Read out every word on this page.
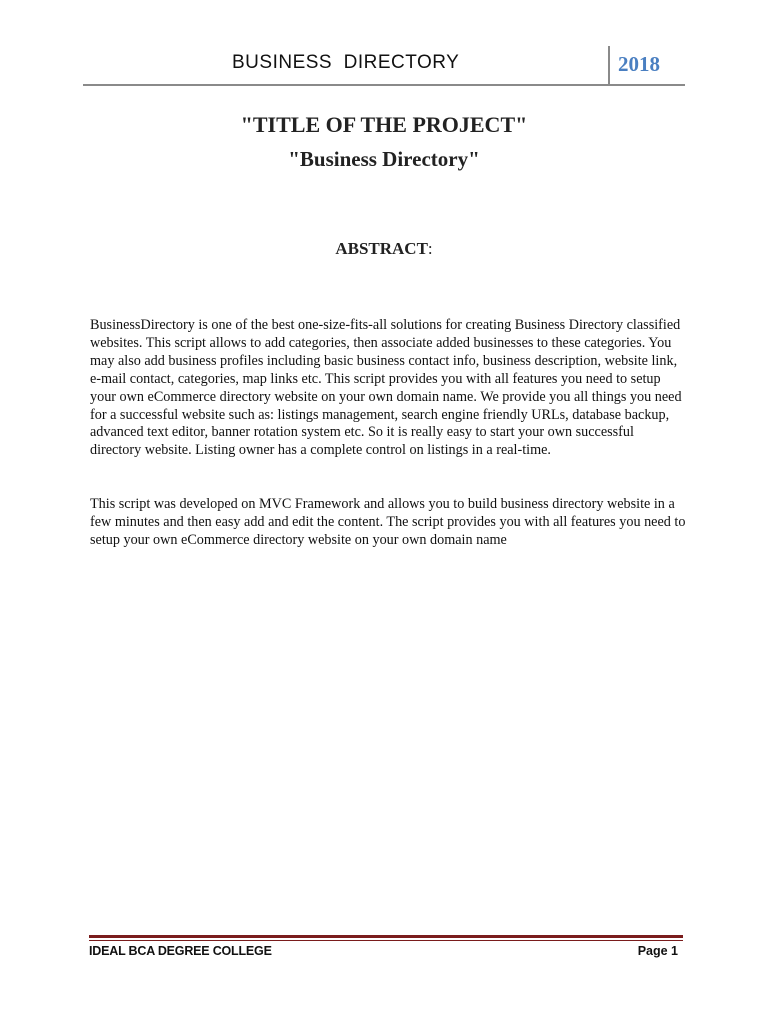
BUSINESS  DIRECTORY	2018
"TITLE OF THE PROJECT"
"Business Directory"
ABSTRACT:

BusinessDirectory is one of the best one-size-fits-all solutions for creating Business Directory classified websites. This script allows to add categories, then associate added businesses to these categories. You may also add business profiles including basic business contact info, business description, website link, e-mail contact, categories, map links etc. This script provides you with all features you need to setup your own eCommerce directory website on your own domain name. We provide you all things you need for a successful website such as: listings management, search engine friendly URLs, database backup, advanced text editor, banner rotation system etc. So it is really easy to start your own successful directory website. Listing owner has a complete control on listings in a real-time.

This script was developed on MVC Framework and allows you to build business directory website in a few minutes and then easy add and edit the content. The script provides you with all features you need to setup your own eCommerce directory website on your own domain name

IDEAL BCA DEGREE COLLEGE	Page 1
